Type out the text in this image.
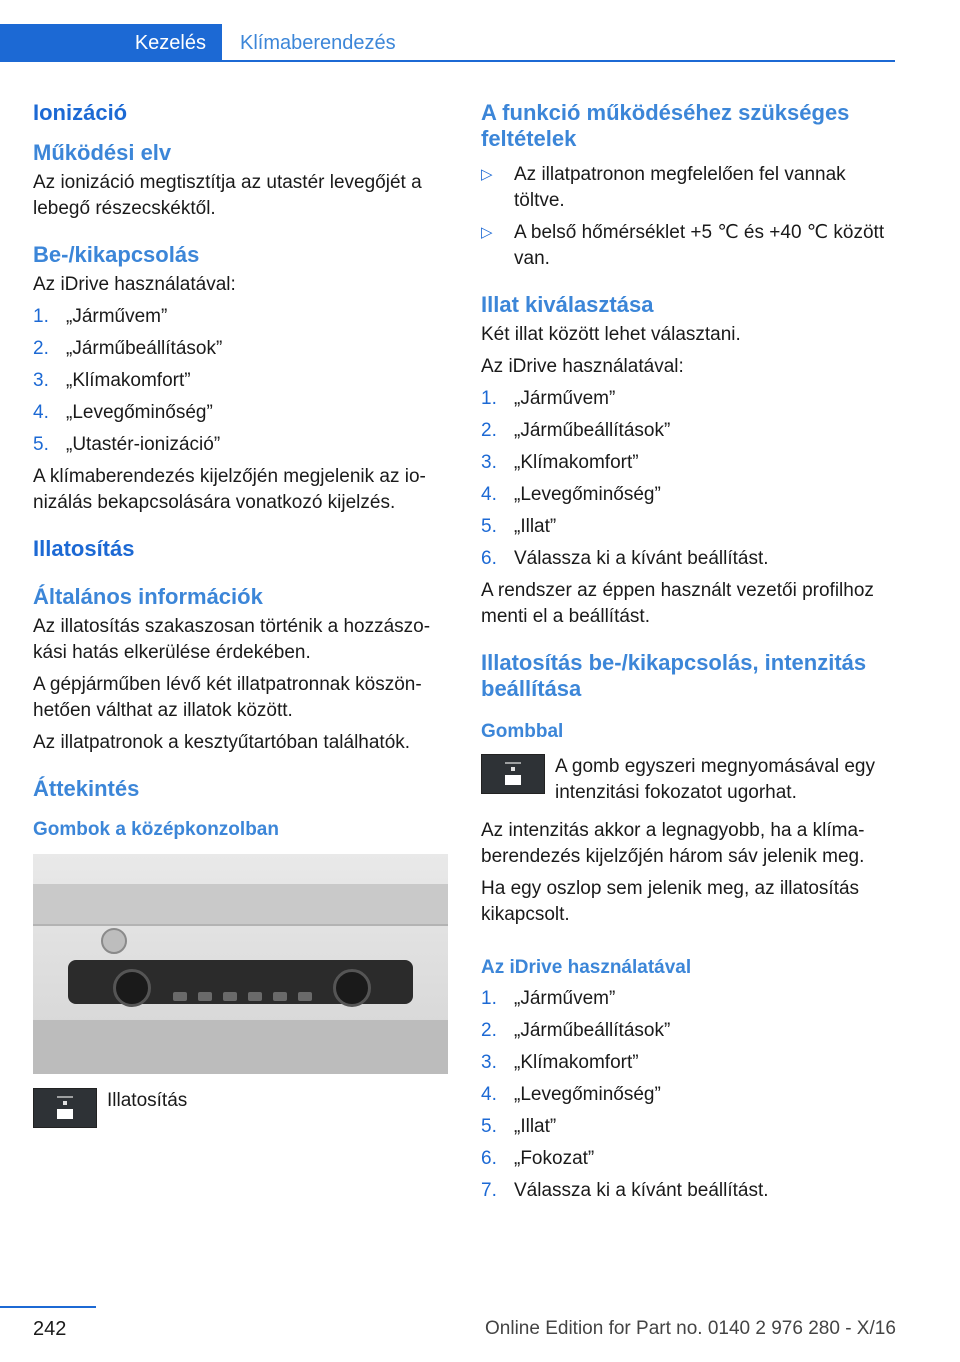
Kezelés Klímaberendezés
Ionizáció
Működési elv

Az ionizáció megtisztítja az utastér levegőjét a lebegő részecskéktől.

Be-/kikapcsolás

Az iDrive használatával:

1. „Járművem”
2. „Járműbeállítások”
3. „Klímakomfort”
4. „Levegőminőség”
5. „Utastér-ionizáció”

A klímaberendezés kijelzőjén megjelenik az ionizálás bekapcsolására vonatkozó kijelzés.

Illatosítás
Általános információk

Az illatosítás szakaszosan történik a hozzászokási hatás elkerülése érdekében.

A gépjárműben lévő két illatpatronnak köszönhetően válthat az illatok között.

Az illatpatronok a kesztyűtartóban találhatók.

Áttekintés
Gombok a középkonzolban
Illatosítás
A funkció működéséhez szükséges feltételek
▷ Az illatpatronon megfelelően fel vannak töltve.
▷ A belső hőmérséklet +5 ℃ és +40 ℃ között van.
Illat kiválasztása

Két illat között lehet választani.

Az iDrive használatával:

1. „Járművem”
2. „Járműbeállítások”
3. „Klímakomfort”
4. „Levegőminőség”
5. „Illat”
6. Válassza ki a kívánt beállítást.

A rendszer az éppen használt vezetői profilhoz menti el a beállítást.

Illatosítás be-/kikapcsolás, intenzitás beállítása
Gombbal
A gomb egyszeri megnyomásával egy intenzitási fokozatot ugorhat.

Az intenzitás akkor a legnagyobb, ha a klímaberendezés kijelzőjén három sáv jelenik meg.

Ha egy oszlop sem jelenik meg, az illatosítás kikapcsolt.

Az iDrive használatával
1. „Járművem”
2. „Járműbeállítások”
3. „Klímakomfort”
4. „Levegőminőség”
5. „Illat”
6. „Fokozat”
7. Válassza ki a kívánt beállítást.
242	Online Edition for Part no. 0140 2 976 280 - X/16
